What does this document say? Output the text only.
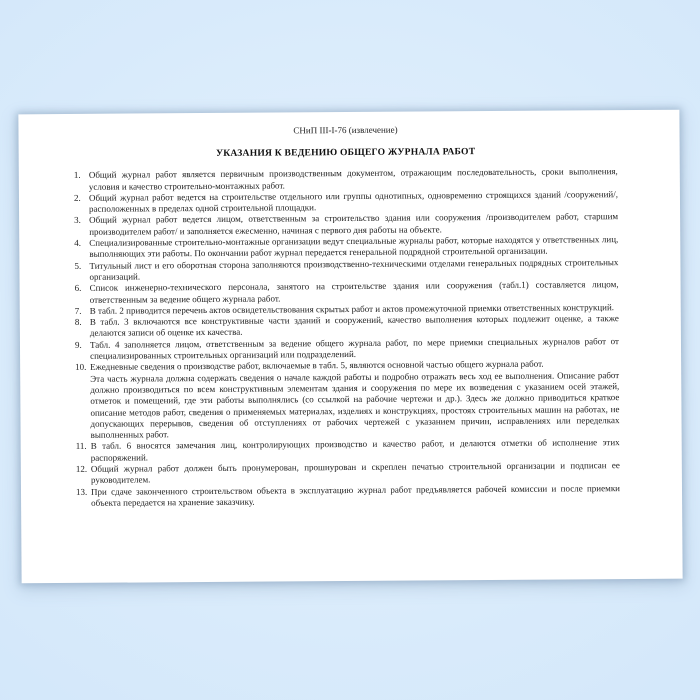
СНиП III-I-76 (извлечение)
УКАЗАНИЯ К ВЕДЕНИЮ ОБЩЕГО ЖУРНАЛА РАБОТ
1. Общий журнал работ является первичным производственным документом, отражающим последовательность, сроки выполнения, условия и качество строительно-монтажных работ.

2. Общий журнал работ ведется на строительстве отдельного или группы однотипных, одновременно строящихся зданий /сооружений/, расположенных в пределах одной строительной площадки.

3. Общий журнал работ ведется лицом, ответственным за строительство здания или сооружения /производителем работ, старшим производителем работ/ и заполняется ежесменно, начиная с первого дня работы на объекте.

4. Специализированные строительно-монтажные организации ведут специальные журналы работ, которые находятся у ответственных лиц, выполняющих эти работы. По окончании работ журнал передается генеральной подрядной строительной организации.

5. Титульный лист и его оборотная сторона заполняются производственно-техническими отделами генеральных подрядных строительных организаций.

6. Список инженерно-технического персонала, занятого на строительстве здания или сооружения (табл.1) составляется лицом, ответственным за ведение общего журнала работ.

7. В табл. 2 приводится перечень актов освидетельствования скрытых работ и актов промежуточной приемки ответственных конструкций.

8. В табл. 3 включаются все конструктивные части зданий и сооружений, качество выполнения которых подлежит оценке, а также делаются записи об оценке их качества.

9. Табл. 4 заполняется лицом, ответственным за ведение общего журнала работ, по мере приемки специальных журналов работ от специализированных строительных организаций или подразделений.

10. Ежедневные сведения о производстве работ, включаемые в табл. 5, являются основной частью общего журнала работ.

Эта часть журнала должна содержать сведения о начале каждой работы и подробно отражать весь ход ее выполнения. Описание работ должно производиться по всем конструктивным элементам здания и сооружения по мере их возведения с указанием осей этажей, отметок и помещений, где эти работы выполнялись (со ссылкой на рабочие чертежи и др.). Здесь же должно приводиться краткое описание методов работ, сведения о применяемых материалах, изделиях и конструкциях, простоях строительных машин на работах, не допускающих перерывов, сведения об отступлениях от рабочих чертежей с указанием причин, исправлениях или переделках выполненных работ.

11. В табл. 6 вносятся замечания лиц, контролирующих производство и качество работ, и делаются отметки об исполнение этих распоряжений.

12. Общий журнал работ должен быть пронумерован, прошнурован и скреплен печатью строительной организации и подписан ее руководителем.

13. При сдаче законченного строительством объекта в эксплуатацию журнал работ предъявляется рабочей комиссии и после приемки объекта передается на хранение заказчику.
